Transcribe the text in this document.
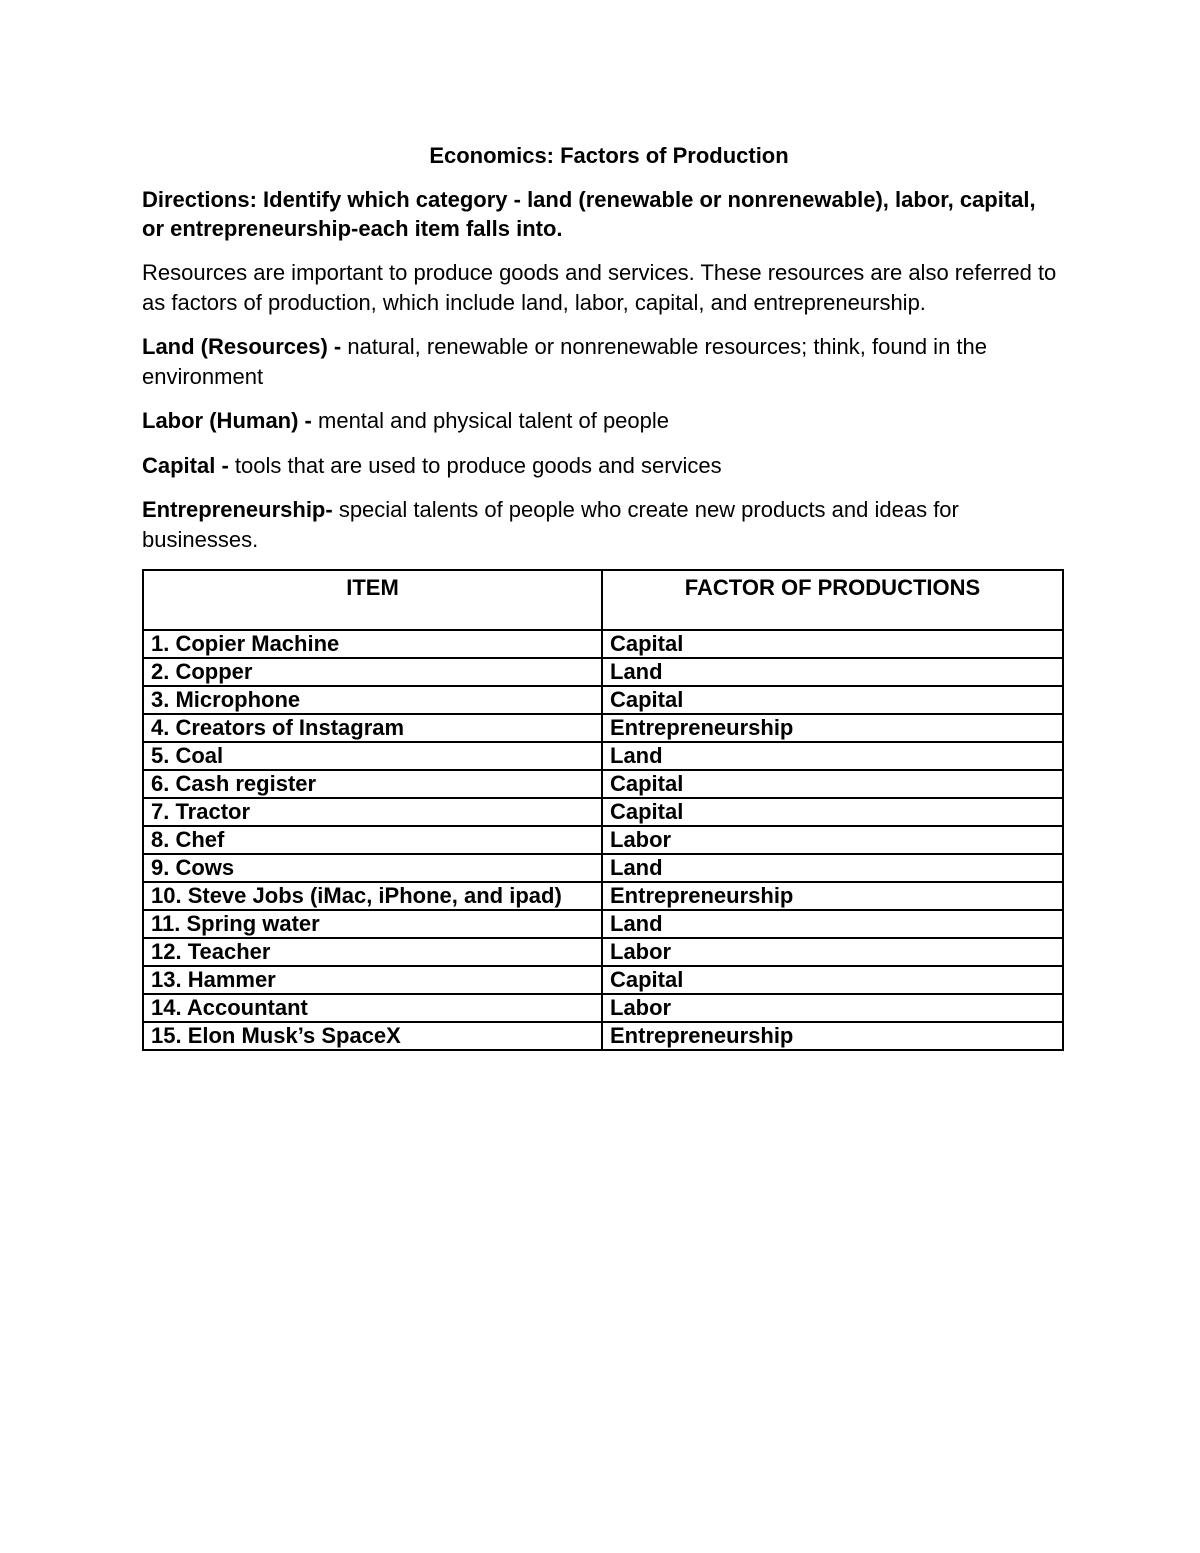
Economics: Factors of Production
Directions: Identify which category - land (renewable or nonrenewable), labor, capital, or entrepreneurship-each item falls into.
Resources are important to produce goods and services. These resources are also referred to as factors of production, which include land, labor, capital, and entrepreneurship.
Land (Resources) - natural, renewable or nonrenewable resources; think, found in the environment
Labor (Human) - mental and physical talent of people
Capital - tools that are used to produce goods and services
Entrepreneurship- special talents of people who create new products and ideas for businesses.
ITEM	FACTOR OF PRODUCTIONS
1. Copier Machine	Capital
2. Copper	Land
3. Microphone	Capital
4. Creators of Instagram	Entrepreneurship
5. Coal	Land
6. Cash register	Capital
7. Tractor	Capital
8. Chef	Labor
9. Cows	Land
10. Steve Jobs (iMac, iPhone, and ipad)	Entrepreneurship
11. Spring water	Land
12. Teacher	Labor
13. Hammer	Capital
14. Accountant	Labor
15. Elon Musk’s SpaceX	Entrepreneurship
